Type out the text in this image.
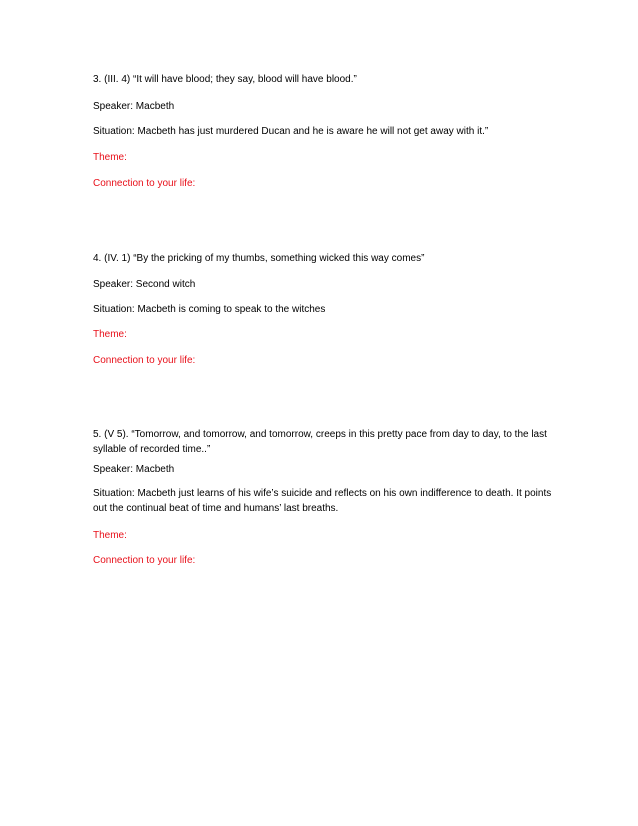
3. (III. 4) “It will have blood; they say, blood will have blood.”
Speaker: Macbeth
Situation: Macbeth has just murdered Ducan and he is aware he will not get away with it.”
Theme:
Connection to your life:
4. (IV. 1) “By the pricking of my thumbs, something wicked this way comes”
Speaker: Second witch
Situation: Macbeth is coming to speak to the witches
Theme:
Connection to your life:
5. (V 5). “Tomorrow, and tomorrow, and tomorrow, creeps in this pretty pace from day to day, to the last syllable of recorded time..”
Speaker: Macbeth
Situation: Macbeth just learns of his wife’s suicide and reflects on his own indifference to death. It points out the continual beat of time and humans’ last breaths.
Theme:
Connection to your life:
